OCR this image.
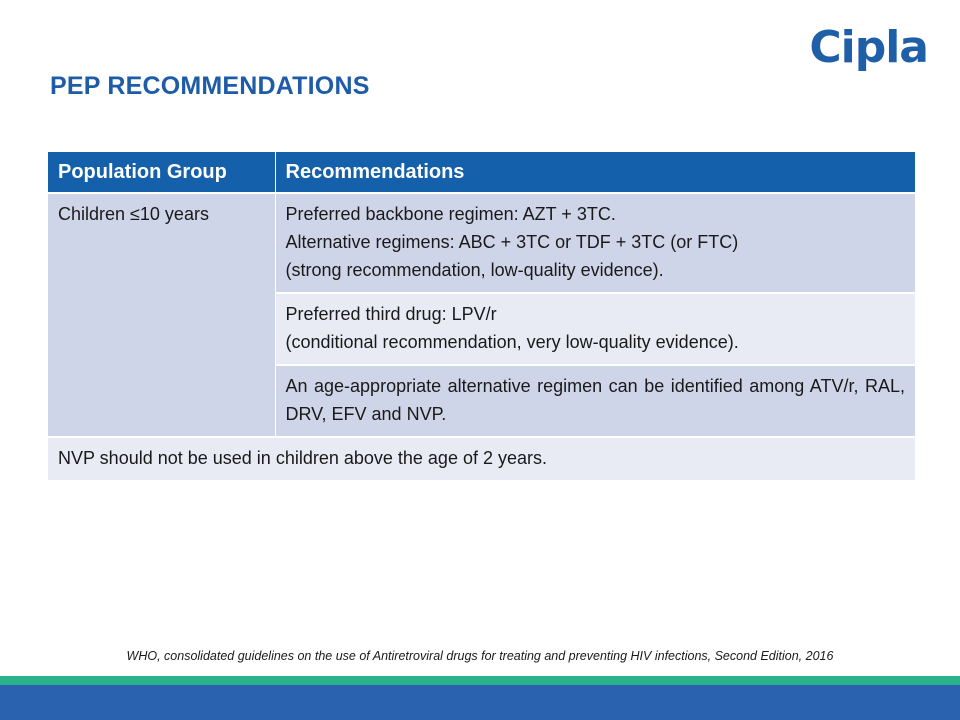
Cipla
PEP RECOMMENDATIONS
Population Group	Recommendations
Children ≤10 years	Preferred backbone regimen: AZT + 3TC.
Alternative regimens: ABC + 3TC or TDF + 3TC (or FTC)
(strong recommendation, low-quality evidence).

	Preferred third drug: LPV/r
(conditional recommendation, very low-quality evidence).

	An age-appropriate alternative regimen can be identified among ATV/r, RAL, DRV, EFV and NVP.
NVP should not be used in children above the age of 2 years.	
WHO, consolidated guidelines on the use of Antiretroviral drugs for treating and preventing HIV infections, Second Edition, 2016
